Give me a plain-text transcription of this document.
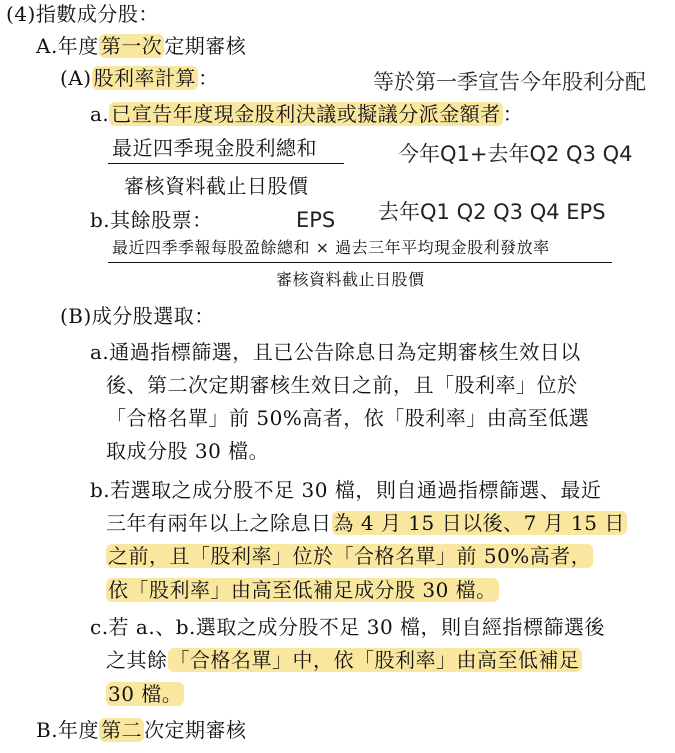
(4)指數成分股：
A.年度 第一次 定期審核
(A) 股利率計算 ：	等於第一季宣告今年股利分配
a. 已宣告年度現金股利決議或擬議分派金額者 ：
最近四季現金股利總和
審核資料截止日股價
今年Q1+去年Q2 Q3 Q4
b.其餘股票：	EPS 去年Q1 Q2 Q3 Q4 EPS
最近四季季報每股盈餘總和 × 過去三年平均現金股利發放率
審核資料截止日股價
(B)成分股選取：
a.通過指標篩選，且已公告除息日為定期審核生效日以
後、第二次定期審核生效日之前，且「股利率」位於
「合格名單」前 50%高者，依「股利率」由高至低選
取成分股 30 檔。
b.若選取之成分股不足 30 檔，則自通過指標篩選、最近
三年有兩年以上之除息日 為 4 月 15 日以後、7 月 15 日
之前，且「股利率」位於「合格名單」前 50%高者，
依「股利率」由高至低補足成分股 30 檔。
c.若 a.、b.選取之成分股不足 30 檔，則自經指標篩選後
之其餘 「合格名單」中，依「股利率」由高至低補足
30 檔。
B.年度 第二 次定期審核
